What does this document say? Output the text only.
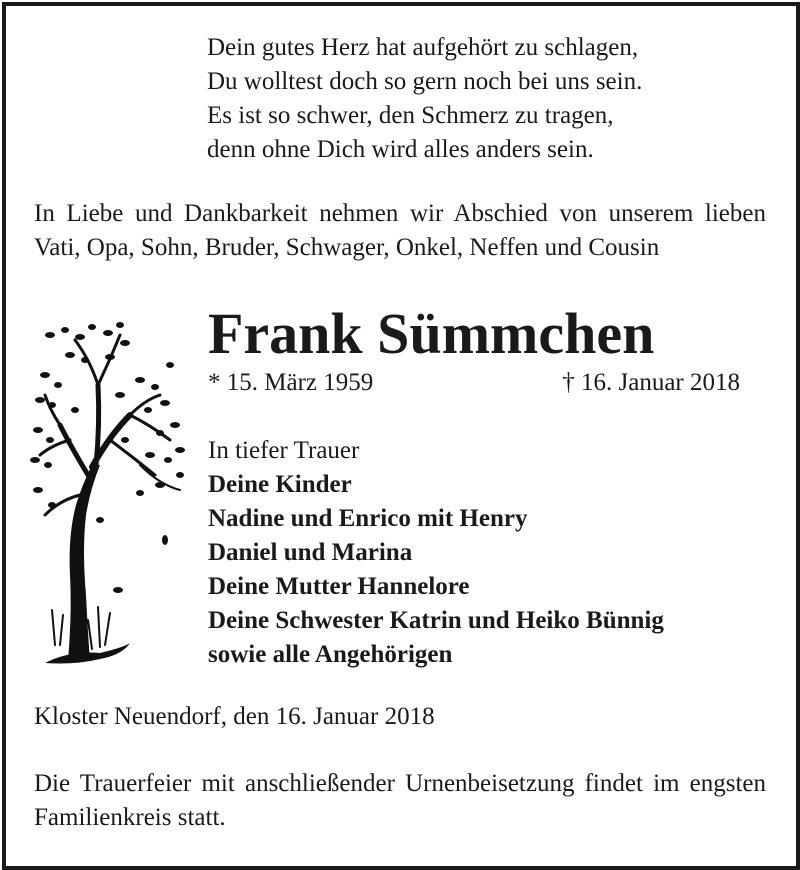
Dein gutes Herz hat aufgehört zu schlagen,
Du wolltest doch so gern noch bei uns sein.
Es ist so schwer, den Schmerz zu tragen,
denn ohne Dich wird alles anders sein.
In Liebe und Dankbarkeit nehmen wir Abschied von unserem lieben Vati, Opa, Sohn, Bruder, Schwager, Onkel, Neffen und Cousin
Frank Sümmchen
* 15. März 1959	† 16. Januar 2018
In tiefer Trauer
Deine Kinder
Nadine und Enrico mit Henry
Daniel und Marina
Deine Mutter Hannelore
Deine Schwester Katrin und Heiko Bünnig
sowie alle Angehörigen
Kloster Neuendorf, den 16. Januar 2018
Die Trauerfeier mit anschließender Urnenbeisetzung findet im engsten Familienkreis statt.
